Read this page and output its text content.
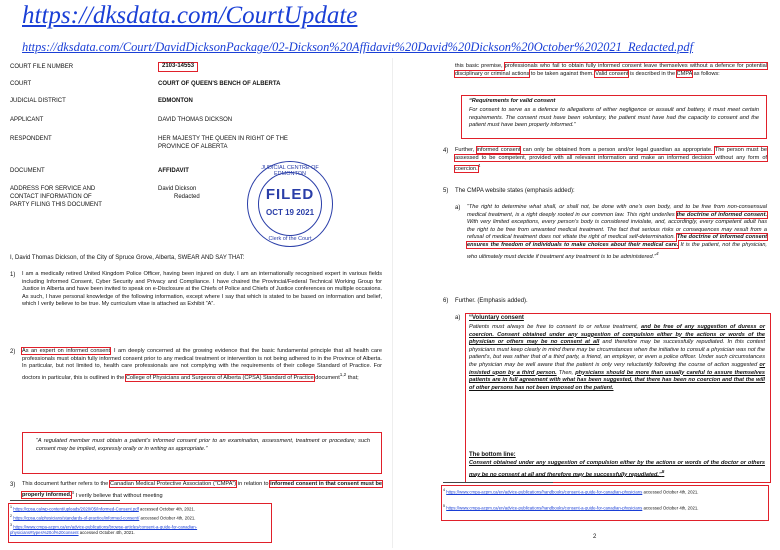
https://dksdata.com/CourtUpdate
https://dksdata.com/Court/DavidDicksonPackage/02-Dickson%20Affidavit%20David%20Dickson%20October%202021_Redacted.pdf
COURT FILE NUMBER	2103-14553
COURT	COURT OF QUEEN'S BENCH OF ALBERTA
JUDICIAL DISTRICT	EDMONTON
APPLICANT	DAVID THOMAS DICKSON
RESPONDENT	HER MAJESTY THE QUEEN IN RIGHT OF THE
PROVINCE OF ALBERTA
DOCUMENT	AFFIDAVIT
ADDRESS FOR SERVICE AND
CONTACT INFORMATION OF
PARTY FILING THIS DOCUMENT
David Dickson
Redacted
JUDICIAL CENTRE OF EDMONTON
FILED
OCT 19 2021
Clerk of the Court
I, David Thomas Dickson, of the City of Spruce Grove, Alberta, SWEAR AND SAY THAT:
1) I am a medically retired United Kingdom Police Officer, having been injured on duty. I am an internationally recognised expert in various fields including Informed Consent, Cyber Security and Privacy and Compliance. I have chaired the Provincial/Federal Technical Working Group for Justice in Alberta and have been invited to speak on e-Disclosure at the Chiefs of Police and Chiefs of Justice conferences on multiple occasions. As such, I have personal knowledge of the following information, except where I say that which is stated to be based on information and belief, which I verily believe to be true. My curriculum vitae is attached as Exhibit “A”.
2) As an expert on informed consent, I am deeply concerned at the growing evidence that the basic fundamental principle that all health care professionals must obtain fully informed consent prior to any medical treatment or intervention is not being adhered to in the Province of Alberta. In particular, but not limited to, health care professionals are not complying with the requirements of their college Standard of Practice. For doctors in particular, this is outlined in the College of Physicians and Surgeons of Alberta (CPSA) Standard of Practice document$^{1,2}$ that;
“A regulated member must obtain a patient’s informed consent prior to an examination, assessment, treatment or procedure; such consent may be implied, expressly orally or in writing as appropriate.”
3) This document further refers to the Canadian Medical Protective Association (“CMPA”) in relation to informed consent in that consent must be properly informed.$^3$ I verily believe that without meeting
$^1$ https://cpsa.ca/wp-content/uploads/2020/05/Informed-Consent.pdf accessed October 4th, 2021.
$^2$ https://cpsa.ca/physicians/standards-of-practice/informed-consent/ accessed October 4th, 2021.
$^3$ https://www.cmpa-acpm.ca/en/advice-publications/browse-articles/consent-a-guide-for-canadian-physicians#types%20of%20consent accessed October 4th, 2021.
this basic premise, professionals who fail to obtain fully informed consent leave themselves without a defence for potential disciplinary or criminal actions to be taken against them. Valid consent is described in the CMPA as follows:
“Requirements for valid consent
For consent to serve as a defence to allegations of either negligence or assault and battery, it must meet certain requirements. The consent must have been voluntary, the patient must have had the capacity to consent and the patient must have been properly informed.”
4) Further, informed consent can only be obtained from a person and/or legal guardian as appropriate. The person must be assessed to be competent, provided with all relevant information and make an informed decision without any form of coercion.$^4$
5) The CMPA website states (emphasis added):
a) “The right to determine what shall, or shall not, be done with one’s own body, and to be free from non-consensual medical treatment, is a right deeply rooted in our common law. This right underlies the doctrine of informed consent. With very limited exceptions, every person’s body is considered inviolate, and, accordingly, every competent adult has the right to be free from unwanted medical treatment. The fact that serious risks or consequences may result from a refusal of medical treatment does not vitiate the right of medical self-determination. The doctrine of informed consent ensures the freedom of individuals to make choices about their medical care. It is the patient, not the physician, who ultimately must decide if treatment any treatment is to be administered.”$^4$
6) Further. (Emphasis added).
a) “Voluntary consent
Patients must always be free to consent to or refuse treatment, and be free of any suggestion of duress or coercion. Consent obtained under any suggestion of compulsion either by the actions or words of the physician or others may be no consent at all and therefore may be successfully repudiated. In this context physicians must keep clearly in mind there may be circumstances when the initiative to consult a physician was not the patient’s, but was rather that of a third party, a friend, an employer, or even a police officer. Under such circumstances the physician may be well aware that the patient is only very reluctantly following the course of action suggested or insisted upon by a third person. Then, physicians should be more than usually careful to assure themselves patients are in full agreement with what has been suggested, that there has been no coercion and that the will of other persons has not been imposed on the patient.
The bottom line:
Consent obtained under any suggestion of compulsion either by the actions or words of the doctor or others may be no consent at all and therefore may be successfully repudiated.”$^5$
$^4$ https://www.cmpa-acpm.ca/en/advice-publications/handbooks/consent-a-guide-for-canadian-physicians accessed October 4th, 2021.
$^5$ https://www.cmpa-acpm.ca/en/advice-publications/handbooks/consent-a-guide-for-canadian-physicians accessed October 4th, 2021.
2
